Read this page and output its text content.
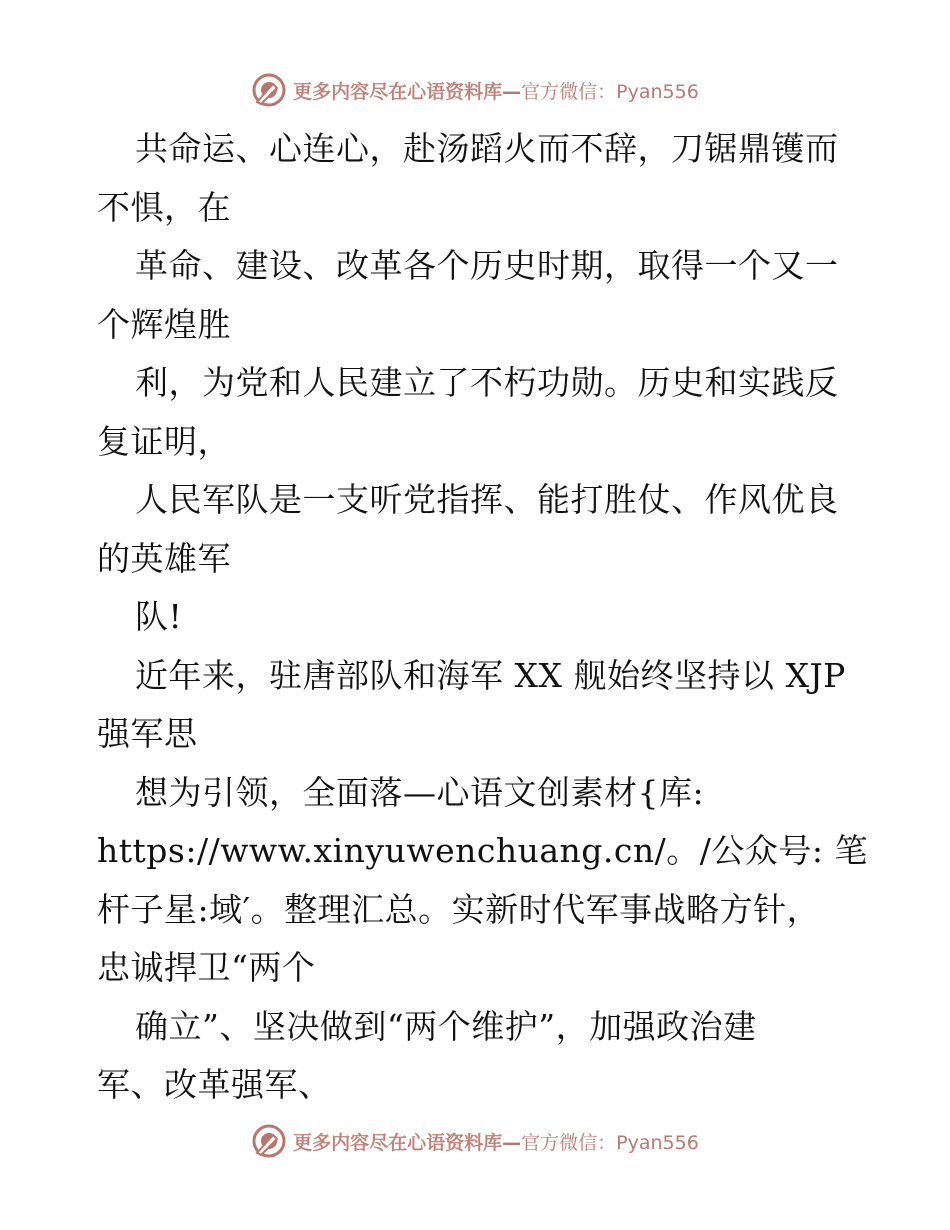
更多内容尽在心语资料库—官方微信：Pyan556
共命运、心连心，赴汤蹈火而不辞，刀锯鼎镬而
不惧，在
革命、建设、改革各个历史时期，取得一个又一
个辉煌胜
利，为党和人民建立了不朽功勋。历史和实践反
复证明，
人民军队是一支听党指挥、能打胜仗、作风优良
的英雄军
队!
近年来，驻唐部队和海军 XX 舰始终坚持以 XJP
强军思
想为引领，全面落—心语文创素材{库:
https://www.xinyuwenchuang.cn/。/公众号: 笔
杆子星:域′。整理汇总。实新时代军事战略方针，
忠诚捍卫“两个
确立”、坚决做到“两个维护”，加强政治建
军、改革强军、
更多内容尽在心语资料库—官方微信：Pyan556
